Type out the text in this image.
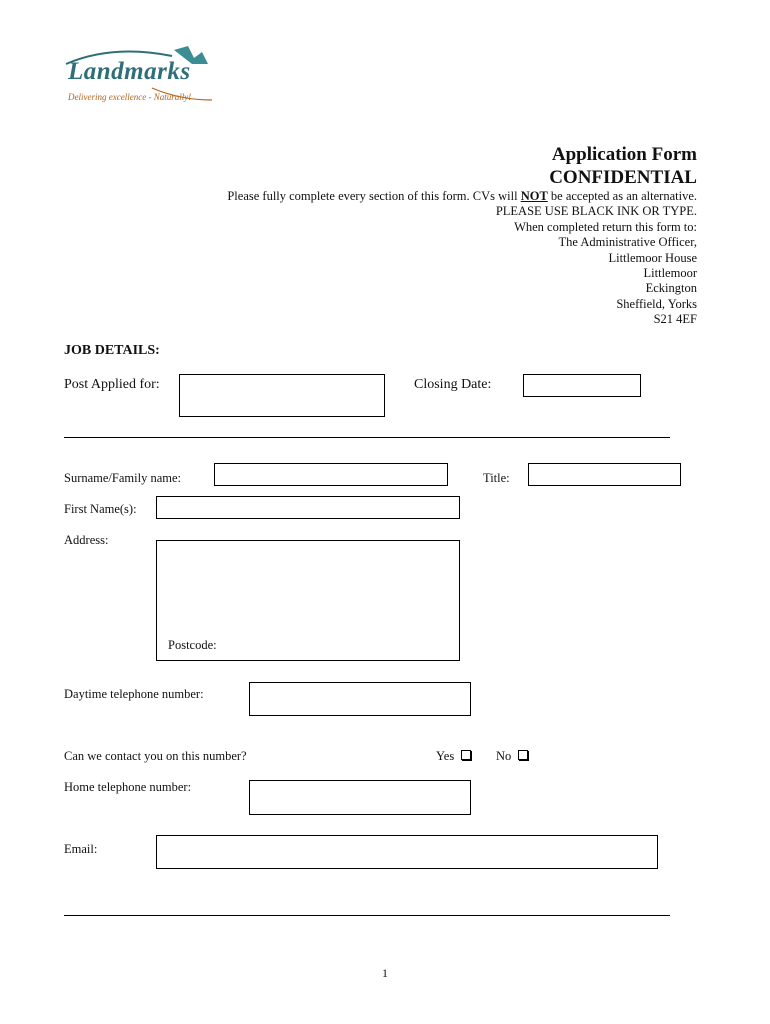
Landmarks
Delivering excellence - Naturally!
Application Form
CONFIDENTIAL
Please fully complete every section of this form. CVs will NOT be accepted as an alternative.
PLEASE USE BLACK INK OR TYPE.
When completed return this form to:
The Administrative Officer,
Littlemoor House
Littlemoor
Eckington
Sheffield, Yorks
S21 4EF
JOB DETAILS:
Post Applied for:	Closing Date:
Surname/Family name:	Title:
First Name(s):
Address:
Postcode:
Daytime telephone number:
Can we contact you on this number?	Yes	No
Home telephone number:
Email:
1
